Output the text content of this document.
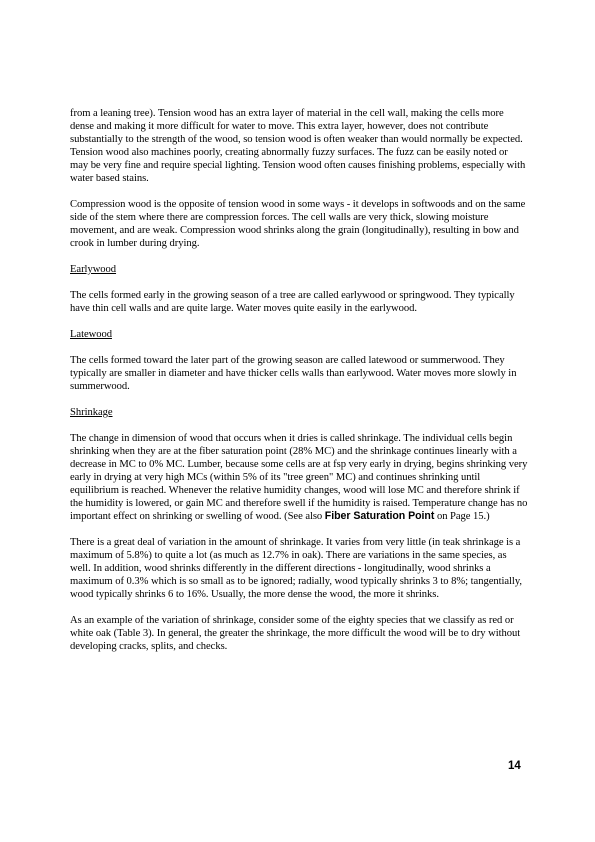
from a leaning tree). Tension wood has an extra layer of material in the cell wall, making the cells more dense and making it more difficult for water to move. This extra layer, however, does not contribute substantially to the strength of the wood, so tension wood is often weaker than would normally be expected. Tension wood also machines poorly, creating abnormally fuzzy surfaces. The fuzz can be easily noted or may be very fine and require special lighting. Tension wood often causes finishing problems, especially with water based stains.

Compression wood is the opposite of tension wood in some ways - it develops in softwoods and on the same side of the stem where there are compression forces. The cell walls are very thick, slowing moisture movement, and are weak. Compression wood shrinks along the grain (longitudinally), resulting in bow and crook in lumber during drying.

Earlywood

The cells formed early in the growing season of a tree are called earlywood or springwood. They typically have thin cell walls and are quite large. Water moves quite easily in the earlywood.

Latewood

The cells formed toward the later part of the growing season are called latewood or summerwood. They typically are smaller in diameter and have thicker cells walls than earlywood. Water moves more slowly in summerwood.

Shrinkage

The change in dimension of wood that occurs when it dries is called shrinkage. The individual cells begin shrinking when they are at the fiber saturation point (28% MC) and the shrinkage continues linearly with a decrease in MC to 0% MC. Lumber, because some cells are at fsp very early in drying, begins shrinking very early in drying at very high MCs (within 5% of its "tree green" MC) and continues shrinking until equilibrium is reached. Whenever the relative humidity changes, wood will lose MC and therefore shrink if the humidity is lowered, or gain MC and therefore swell if the humidity is raised. Temperature change has no important effect on shrinking or swelling of wood. (See also Fiber Saturation Point on Page 15.)

There is a great deal of variation in the amount of shrinkage. It varies from very little (in teak shrinkage is a maximum of 5.8%) to quite a lot (as much as 12.7% in oak). There are variations in the same species, as well. In addition, wood shrinks differently in the different directions - longitudinally, wood shrinks a maximum of 0.3% which is so small as to be ignored; radially, wood typically shrinks 3 to 8%; tangentially, wood typically shrinks 6 to 16%. Usually, the more dense the wood, the more it shrinks.

As an example of the variation of shrinkage, consider some of the eighty species that we classify as red or white oak (Table 3). In general, the greater the shrinkage, the more difficult the wood will be to dry without developing cracks, splits, and checks.

14
